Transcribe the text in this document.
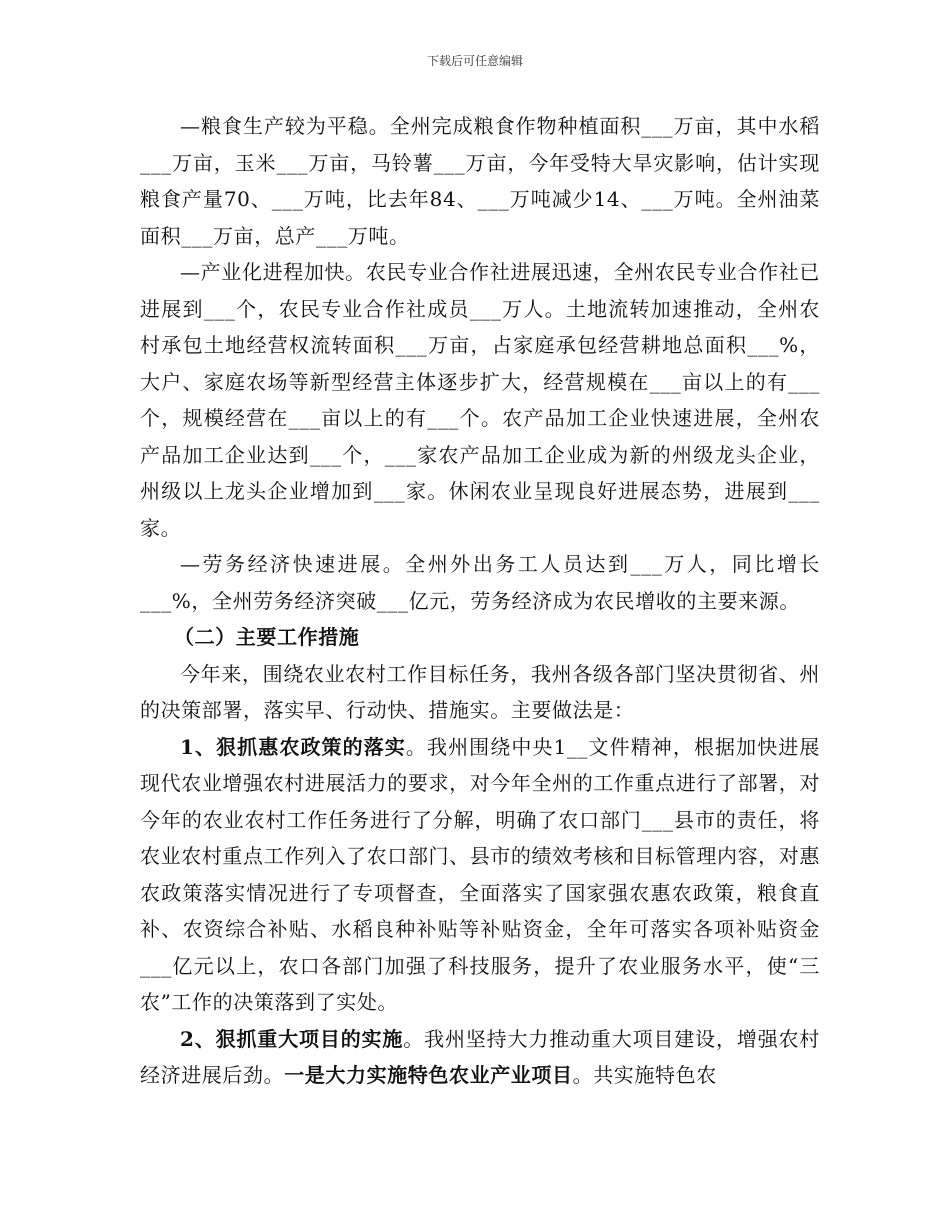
下载后可任意编辑

—粮食生产较为平稳。全州完成粮食作物种植面积___万亩，其中水稻___万亩，玉米___万亩，马铃薯___万亩，今年受特大旱灾影响，估计实现粮食产量70、___万吨，比去年84、___万吨减少14、___万吨。全州油菜面积___万亩，总产___万吨。

—产业化进程加快。农民专业合作社进展迅速，全州农民专业合作社已进展到___个，农民专业合作社成员___万人。土地流转加速推动，全州农村承包土地经营权流转面积___万亩，占家庭承包经营耕地总面积___%，大户、家庭农场等新型经营主体逐步扩大，经营规模在___亩以上的有___个，规模经营在___亩以上的有___个。农产品加工企业快速进展，全州农产品加工企业达到___个，___家农产品加工企业成为新的州级龙头企业，州级以上龙头企业增加到___家。休闲农业呈现良好进展态势，进展到___家。

—劳务经济快速进展。全州外出务工人员达到___万人，同比增长___%，全州劳务经济突破___亿元，劳务经济成为农民增收的主要来源。

（二）主要工作措施

今年来，围绕农业农村工作目标任务，我州各级各部门坚决贯彻省、州的决策部署，落实早、行动快、措施实。主要做法是：

1、狠抓惠农政策的落实。我州围绕中央1__文件精神，根据加快进展现代农业增强农村进展活力的要求，对今年全州的工作重点进行了部署，对今年的农业农村工作任务进行了分解，明确了农口部门___县市的责任，将农业农村重点工作列入了农口部门、县市的绩效考核和目标管理内容，对惠农政策落实情况进行了专项督查，全面落实了国家强农惠农政策，粮食直补、农资综合补贴、水稻良种补贴等补贴资金，全年可落实各项补贴资金___亿元以上，农口各部门加强了科技服务，提升了农业服务水平，使“三农”工作的决策落到了实处。

2、狠抓重大项目的实施。我州坚持大力推动重大项目建设，增强农村经济进展后劲。一是大力实施特色农业产业项目。共实施特色农
